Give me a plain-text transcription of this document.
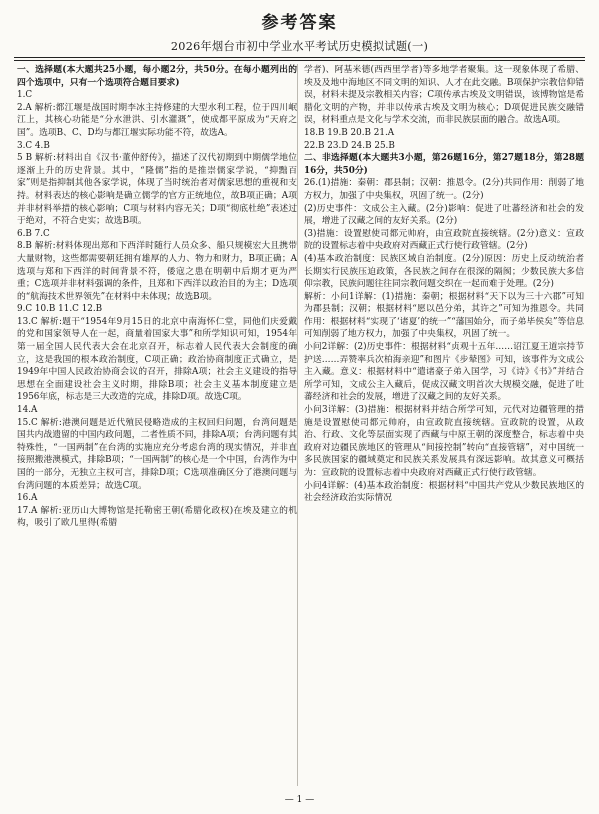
参考答案
2026年烟台市初中学业水平考试历史模拟试题(一)

一、选择题(本大题共25小题，每小题2分，共50分。在每小题列出的四个选项中，只有一个选项符合题目要求)

1.C

2.A 解析:都江堰是战国时期李冰主持修建的大型水利工程，位于四川岷江上，其核心功能是“分水泄洪、引水灌溉”，使成都平原成为“天府之国”。选项B、C、D均与都江堰实际功能不符，故选A。

3.C 4.B

5 B 解析:材料出自《汉书·董仲舒传》，描述了汉代初期到中期儒学地位逐渐上升的历史背景。其中，“隆儒”指的是推崇儒家学说，“抑黜百家”则是指抑制其他各家学说，体现了当时统治者对儒家思想的重视和支持。材料表达的核心影响是确立儒学的官方正统地位，故B项正确；A项并非材料举措的核心影响；C项与材料内容无关；D项“彻底杜绝”表述过于绝对，不符合史实；故选B项。

6.B 7.C

8.B 解析:材料体现出郑和下西洋时随行人员众多、船只规模宏大且携带大量财物，这些都需要朝廷拥有雄厚的人力、物力和财力，B项正确；A选项与郑和下西洋的时间背景不符，倭寇之患在明朝中后期才更为严重；C选项并非材料强调的条件，且郑和下西洋以政治目的为主；D选项的“航海技术世界领先”在材料中未体现；故选B项。

9.C 10.B 11.C 12.B

13.C 解析:题干“1954年9月15日的北京中南海怀仁堂，同他们庆爱戴的党和国家领导人在一起，商量着国家大事”和所学知识可知，1954年第一届全国人民代表大会在北京召开，标志着人民代表大会制度的确立，这是我国的根本政治制度，C项正确；政治协商制度正式确立，是1949年中国人民政治协商会议的召开，排除A项；社会主义建设的指导思想在全面建设社会主义时期，排除B项；社会主义基本制度建立是1956年底，标志是三大改造的完成，排除D项。故选C项。

14.A

15.C 解析:港澳问题是近代殖民侵略造成的主权回归问题，台湾问题是国共内战遗留的中国内政问题，二者性质不同，排除A项；台湾问题有其特殊性，“一国两制”在台湾的实施应充分考虑台湾的现实情况，并非直接照搬港澳模式，排除B项；“一国两制”的核心是一个中国，台湾作为中国的一部分，无独立主权可言，排除D项；C选项准确区分了港澳问题与台湾问题的本质差异；故选C项。

16.A

17.A 解析:亚历山大博物馆是托勒密王朝(希腊化政权)在埃及建立的机构，吸引了欧几里得(希腊

学者)、阿基米德(西西里学者)等多地学者聚集。这一现象体现了希腊、埃及及地中海地区不同文明的知识、人才在此交融。B项保护宗教信仰错误，材料未提及宗教相关内容；C项传承古埃及文明错误，该博物馆是希腊化文明的产物，并非以传承古埃及文明为核心；D项促进民族交融错误，材料重点是文化与学术交流，而非民族层面的融合。故选A项。

18.B 19.B 20.B 21.A

22.B 23.D 24.B 25.B

二、非选择题(本大题共3小题，第26题16分，第27题18分，第28题16分，共50分)

26.(1)措施：秦朝：郡县制；汉朝：推恩令。(2分)共同作用：削弱了地方权力，加强了中央集权，巩固了统一。(2分)

(2)历史事件：文成公主入藏。(2分)影响：促进了吐蕃经济和社会的发展，增进了汉藏之间的友好关系。(2分)

(3)措施：设置慰使司都元帅府，由宣政院直接统辖。(2分)意义：宣政院的设置标志着中央政府对西藏正式行使行政管辖。(2分)

(4)基本政治制度：民族区域自治制度。(2分)原因：历史上反动统治者长期实行民族压迫政策，各民族之间存在很深的隔阂；少数民族大多信仰宗教，民族问题往往同宗教问题交织在一起而难于处理。(2分)

解析：小问1详解：(1)措施：秦朝；根据材料“天下以为三十六郡”可知为郡县制；汉朝；根据材料“愿以邑分弟，其许之”可知为推恩令。共同作用：根据材料“实现了‘诸夏’的统一”“藩国始分，而子弟毕侯矣”等信息可知削弱了地方权力，加强了中央集权，巩固了统一。

小问2详解：(2)历史事件：根据材料“贞观十五年……诏江夏王道宗持节护送……弄赞率兵次柏海亲迎”和图片《步辇图》可知，该事件为文成公主入藏。意义：根据材料中“遣诸豪子弟入国学，习《诗》《书》”并结合所学可知，文成公主入藏后，促成汉藏文明首次大规模交融，促进了吐蕃经济和社会的发展，增进了汉藏之间的友好关系。

小问3详解：(3)措施：根据材料并结合所学可知，元代对边疆管理的措施是设置慰使司都元帅府，由宣政院直接统辖。宣政院的设置，从政治、行政、文化等层面实现了西藏与中原王朝的深度整合，标志着中央政府对边疆民族地区的管理从“间接控制”转向“直接管辖”，对中国统一多民族国家的疆域奠定和民族关系发展具有深远影响。故其意义可概括为：宣政院的设置标志着中央政府对西藏正式行使行政管辖。

小问4详解：(4)基本政治制度：根据材料“中国共产党从少数民族地区的社会经济政治实际情况

— 1 —
